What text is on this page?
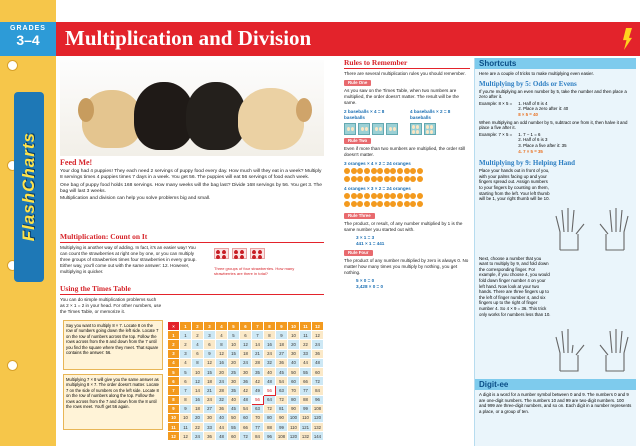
GRADES
3–4
FlashCharts
Multiplication and Division
Feed Me!

Your dog had 4 puppies! They each need 2 servings of puppy food every day. How much will they eat in a week? Multiply 8 servings times 4 puppies times 7 days in a week. You get 56. The puppies will eat 56 servings of food each week.

One bag of puppy food holds 168 servings. How many weeks will the bag last? Divide 168 servings by 56. You get 3. The bag will last 3 weeks.

Multiplication and division can help you solve problems big and small.

Multiplication: Count on It

Multiplying is another way of adding. In fact, it's an easier way! You can count the strawberries at right one by one, or you can multiply three groups of strawberries times four strawberries in every group. Either way, you'll come out with the same answer: 12. However, multiplying is quicker.

Three groups of four strawberries. How many strawberries are there in total?
Using the Times Table

You can do simple multiplication problems such as 2 × 1 = 2 in your head. For other numbers, use the Times Table, or memorize it.

Say you want to multiply 8 × 7. Locate 8 on the row of numbers going down the left side. Locate 7 on the row of numbers across the top. Follow the rows across from the 8 and down from the 7 until you find the square where they meet. That square contains the answer: 56.
Multiplying 7 × 8 will give you the same answer as multiplying 8 × 7. The order doesn't matter. Locate 7 on the side of numbers on the left side. Locate 8 on the row of numbers along the top. Follow the rows across from the 7 and down from the 8 until the rows meet. You'll get 56 again.
×	1	2	3	4	5	6	7	8	9	10	11	12
1	1	2	3	4	5	6	7	8	9	10	11	12
2	2	4	6	8	10	12	14	16	18	20	22	24
3	3	6	9	12	15	18	21	24	27	30	33	36
4	4	8	12	16	20	24	28	32	36	40	44	48
5	5	10	15	20	25	30	35	40	45	50	55	60
6	6	12	18	24	30	36	42	48	54	60	66	72
7	7	14	21	28	35	42	49	56	63	70	77	84
8	8	16	24	32	40	48	56	64	72	80	88	96
9	9	18	27	36	45	54	63	72	81	90	99	108
10	10	20	30	40	50	60	70	80	90	100	110	120
11	11	22	33	44	55	66	77	88	99	110	121	132
12	12	24	36	48	60	72	84	96	108	120	132	144
Rules to Remember

There are several multiplication rules you should remember.

Rule One

As you saw on the Times Table, when two numbers are multiplied, the order doesn't matter. The result will be the same.

2 baseballs × 4 = 8 baseballs
4 baseballs × 2 = 8 baseballs
Rule Two

Even if more than two numbers are multiplied, the order still doesn't matter.

3 oranges × 4 × 2 = 24 oranges

4 oranges × 3 × 2 = 24 oranges

Rule Three

The product, or result, of any number multiplied by 1 is the same number you started out with.

3 × 1 = 3
441 × 1 = 441
Rule Four

The product of any number multiplied by zero is always 0. No matter how many times you multiply by nothing, you get nothing.

5 × 0 = 0
3,428 × 0 = 0
Shortcuts
Here are a couple of tricks to make multiplying even easier.
Multiplying by 5: Odds or Evens
If you're multiplying an even number by 5, take the number and then place a zero after it.
Example: 8 × 5 = 1. Half of 8 is 4
2. Place a zero after it: 40
8 × 5 = 40
When multiplying an odd number by 5, subtract one from it, then halve it and place a five after it.
Example: 7 × 5 = 1. 7 − 1 = 6
2. Half of 6 is 3
3. Place a five after it: 35
4. 7 × 5 = 35
Multiplying by 9: Helping Hand
Place your hands out in front of you, with your palms facing up and your fingers spread out. Assign numbers to your fingers by counting on them, starting from the left. Your left thumb will be 1, your right thumb will be 10.
Next, choose a number that you want to multiply by 9, and fold down the corresponding finger. For example, if you choose 4, you would fold down finger number 4 on your left hand. Now look at your two hands. There are three fingers up to the left of finger number 4, and six fingers up to the right of finger number 4. So 4 × 9 = 36. This trick only works for numbers less than 10.
Digit-ee
A digit is a word for a number symbol between 0 and 9. The numbers 0 and 9 are one-digit numbers. The numbers 10 and 99 are two-digit numbers. 100 and 999 are three-digit numbers, and so on. Each digit in a number represents a place, or a group of ten.
